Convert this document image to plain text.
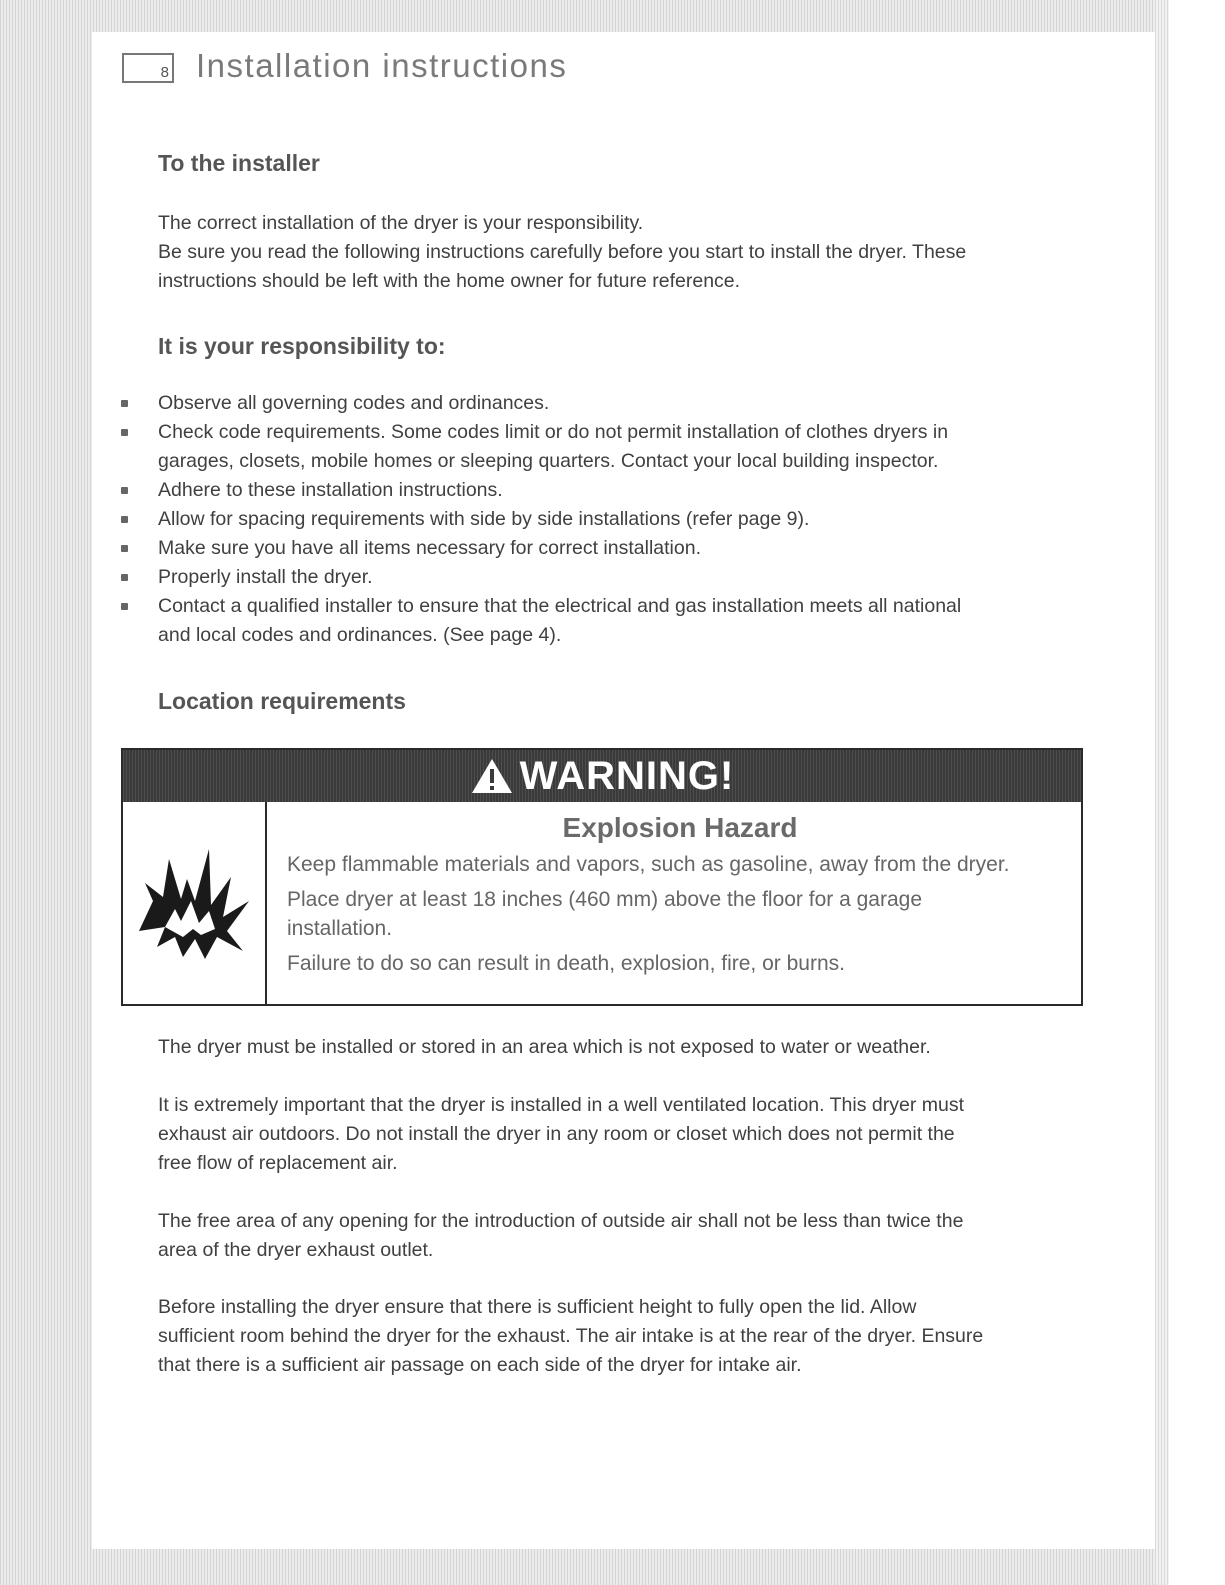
8 Installation instructions
To the installer

The correct installation of the dryer is your responsibility.

Be sure you read the following instructions carefully before you start to install the dryer. These

instructions should be left with the home owner for future reference.

It is your responsibility to:
Observe all governing codes and ordinances.
Check code requirements. Some codes limit or do not permit installation of clothes dryers in
garages, closets, mobile homes or sleeping quarters. Contact your local building inspector.
Adhere to these installation instructions.
Allow for spacing requirements with side by side installations (refer page 9).
Make sure you have all items necessary for correct installation.
Properly install the dryer.
Contact a qualified installer to ensure that the electrical and gas installation meets all national
and local codes and ordinances. (See page 4).
Location requirements
WARNING!

Explosion Hazard

Keep flammable materials and vapors, such as gasoline, away from the dryer.

Place dryer at least 18 inches (460 mm) above the floor for a garage
installation.

Failure to do so can result in death, explosion, fire, or burns.

The dryer must be installed or stored in an area which is not exposed to water or weather.

It is extremely important that the dryer is installed in a well ventilated location. This dryer must

exhaust air outdoors. Do not install the dryer in any room or closet which does not permit the

free flow of replacement air.

The free area of any opening for the introduction of outside air shall not be less than twice the

area of the dryer exhaust outlet.

Before installing the dryer ensure that there is sufficient height to fully open the lid. Allow

sufficient room behind the dryer for the exhaust. The air intake is at the rear of the dryer. Ensure

that there is a sufficient air passage on each side of the dryer for intake air.
